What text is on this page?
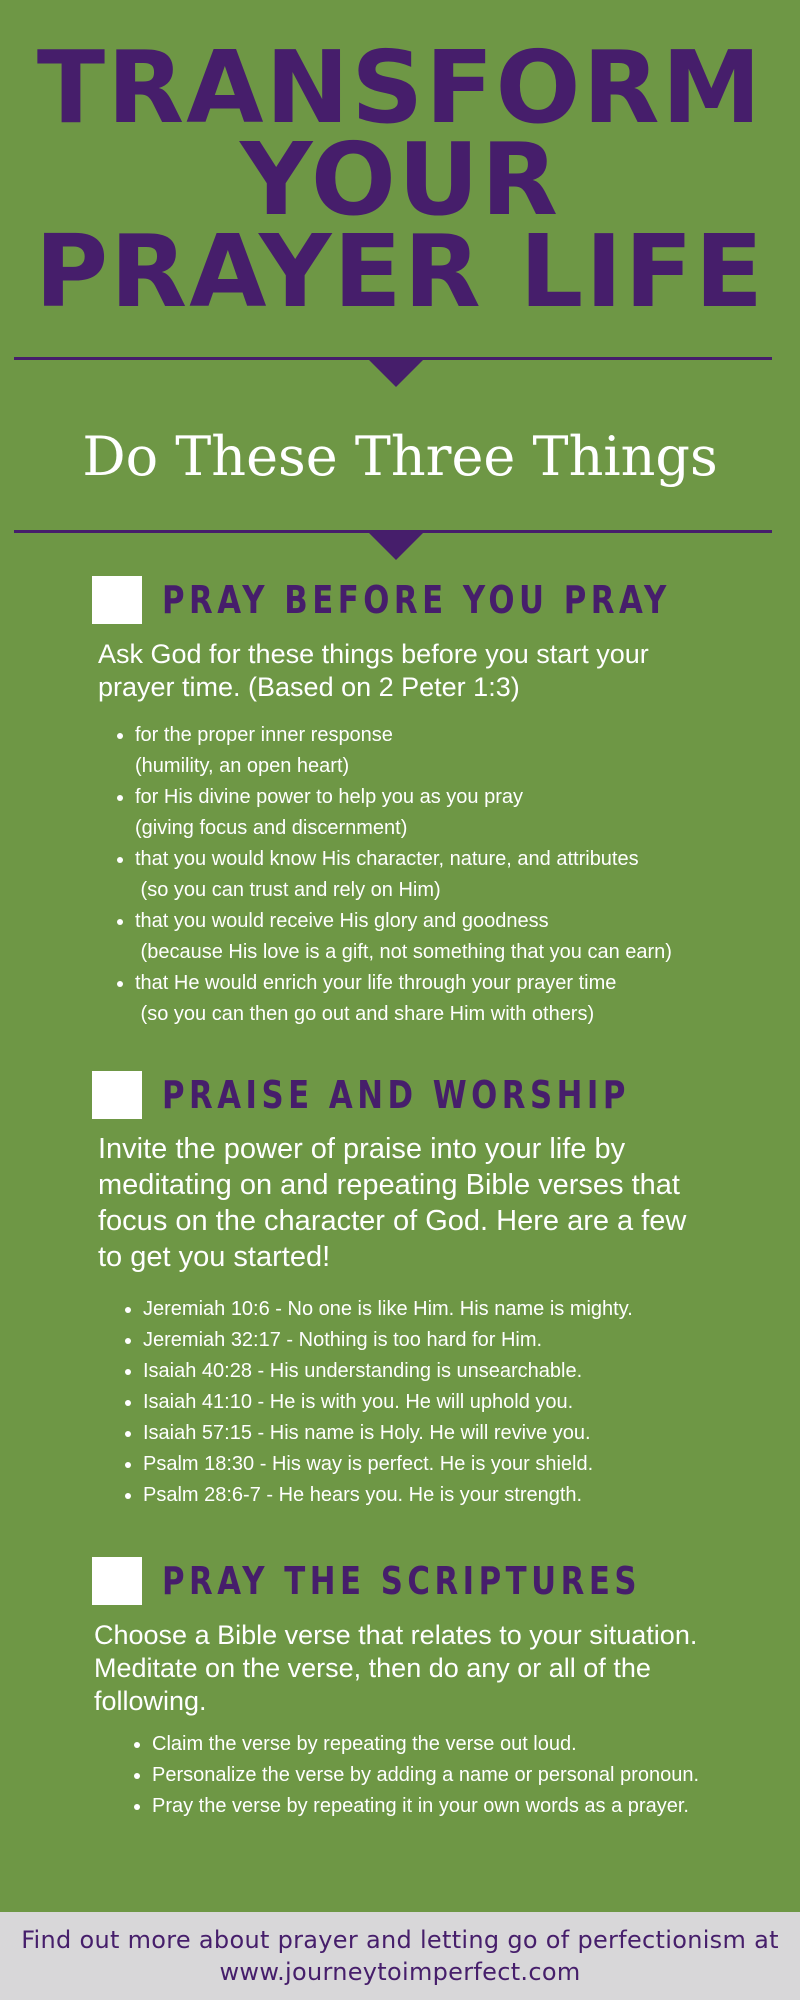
TRANSFORM
YOUR
PRAYER LIFE
Do These Three Things
PRAY BEFORE YOU PRAY
Ask God for these things before you start your prayer time. (Based on 2 Peter 1:3)
• for the proper inner response
(humility, an open heart)
• for His divine power to help you as you pray
(giving focus and discernment)
• that you would know His character, nature, and attributes
(so you can trust and rely on Him)
• that you would receive His glory and goodness
(because His love is a gift, not something that you can earn)
• that He would enrich your life through your prayer time
(so you can then go out and share Him with others)
PRAISE AND WORSHIP
Invite the power of praise into your life by meditating on and repeating Bible verses that focus on the character of God. Here are a few to get you started!
• Jeremiah 10:6 - No one is like Him. His name is mighty.
• Jeremiah 32:17 - Nothing is too hard for Him.
• Isaiah 40:28 - His understanding is unsearchable.
• Isaiah 41:10 - He is with you. He will uphold you.
• Isaiah 57:15 - His name is Holy. He will revive you.
• Psalm 18:30 - His way is perfect. He is your shield.
• Psalm 28:6-7 - He hears you. He is your strength.
PRAY THE SCRIPTURES
Choose a Bible verse that relates to your situation. Meditate on the verse, then do any or all of the following.
• Claim the verse by repeating the verse out loud.
• Personalize the verse by adding a name or personal pronoun.
• Pray the verse by repeating it in your own words as a prayer.
Find out more about prayer and letting go of perfectionism at
www.journeytoimperfect.com
